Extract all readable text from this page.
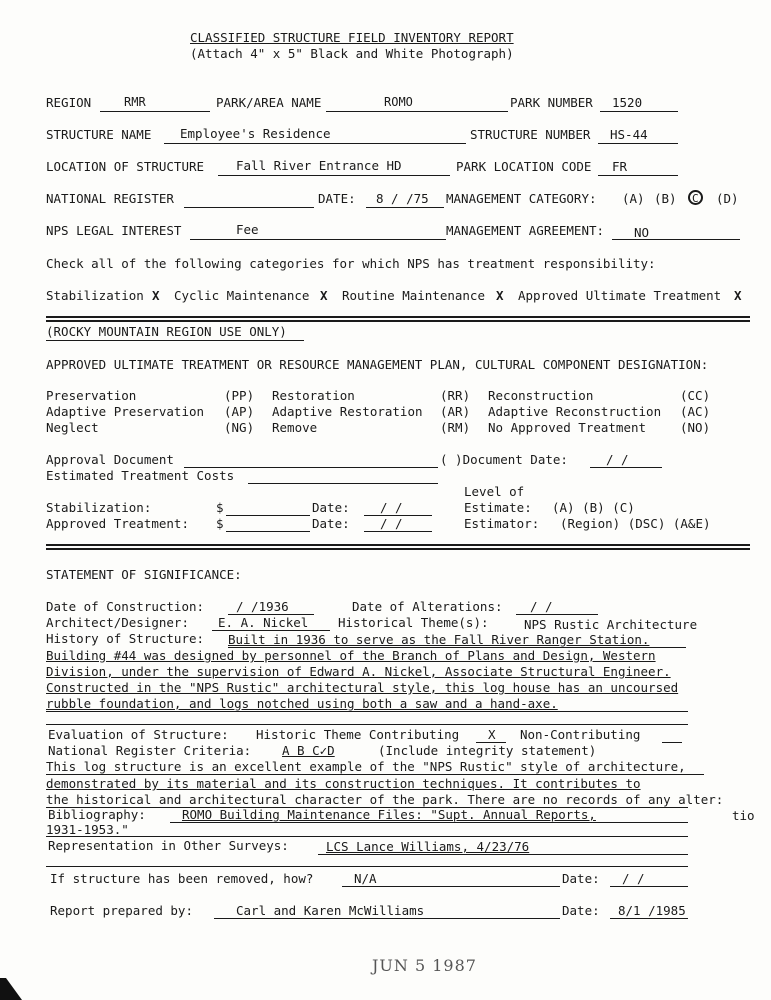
CLASSIFIED STRUCTURE FIELD INVENTORY REPORT
(Attach 4" x 5" Black and White Photograph)
REGION	RMR	PARK/AREA NAME	ROMO	PARK NUMBER 1520
STRUCTURE NAME Employee's Residence	STRUCTURE NUMBER HS-44
LOCATION OF STRUCTURE	Fall River Entrance HD	PARK LOCATION CODE FR
NATIONAL REGISTER	DATE: 8 / /75 MANAGEMENT CATEGORY: (A) (B) C (D)
NPS LEGAL INTEREST	Fee	MANAGEMENT AGREEMENT: NO
Check all of the following categories for which NPS has treatment responsibility:
Stabilization X Cyclic Maintenance X Routine Maintenance X Approved Ultimate Treatment X
(ROCKY MOUNTAIN REGION USE ONLY)
APPROVED ULTIMATE TREATMENT OR RESOURCE MANAGEMENT PLAN, CULTURAL COMPONENT DESIGNATION:
Preservation	(PP) Restoration	(RR) Reconstruction	(CC)
Adaptive Preservation (AP) Adaptive Restoration (AR) Adaptive Reconstruction (AC)
Neglect	(NG) Remove	(RM) No Approved Treatment	(NO)
Approval Document	( )Document Date:	/ /
Estimated Treatment Costs
Level of
Stabilization:	$	Date: / /	Estimate: (A) (B) (C)
Approved Treatment: $	Date: / /	Estimator: (Region) (DSC) (A&E)
STATEMENT OF SIGNIFICANCE:
Date of Construction:	/ /1936	Date of Alterations: / /
Architect/Designer: E. A. Nickel Historical Theme(s):	NPS Rustic Architecture
History of Structure: Built in 1936 to serve as the Fall River Ranger Station.
Building #44 was designed by personnel of the Branch of Plans and Design, Western
Division, under the supervision of Edward A. Nickel, Associate Structural Engineer.
Constructed in the "NPS Rustic" architectural style, this log house has an uncoursed
rubble foundation, and logs notched using both a saw and a hand-axe.
Evaluation of Structure: Historic Theme Contributing X Non-Contributing
National Register Criteria: A B C✓D	(Include integrity statement)
This log structure is an excellent example of the "NPS Rustic" style of architecture,
demonstrated by its material and its construction techniques. It contributes to
the historical and architectural character of the park. There are no records of any alter:
Bibliography:	ROMO Building Maintenance Files: "Supt. Annual Reports,	tio
1931-1953."
Representation in Other Surveys:	LCS Lance Williams, 4/23/76
If structure has been removed, how?	N/A	Date: / /
Report prepared by:	Carl and Karen McWilliams	Date: 8/1 /1985
JUN 5 1987
